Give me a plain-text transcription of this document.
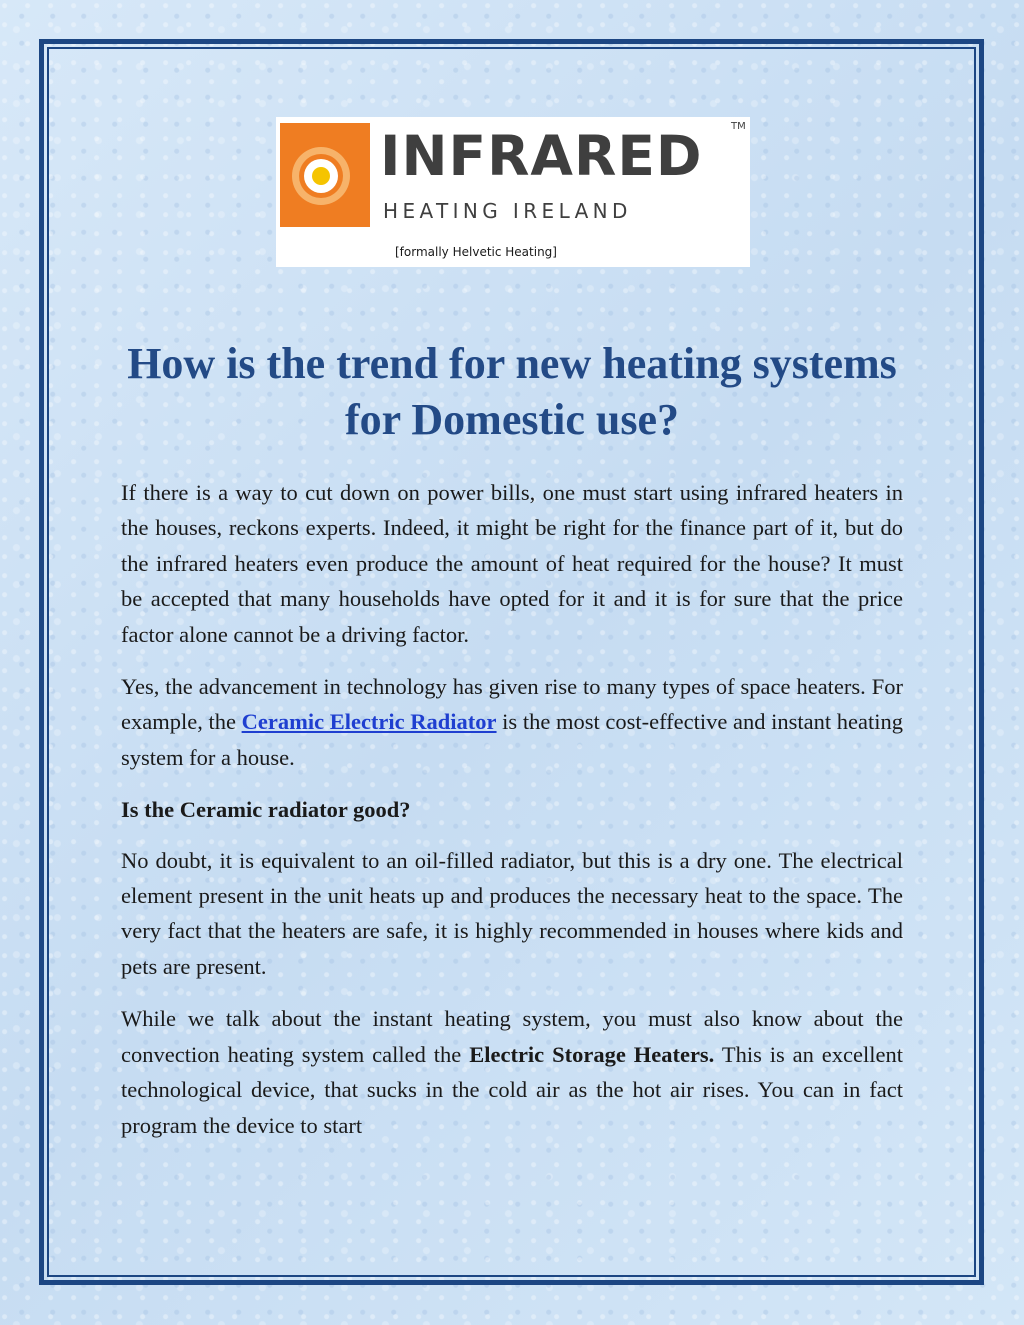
INFRARED	TM
HEATING IRELAND
[formally Helvetic Heating]
How is the trend for new heating systems for Domestic use?

If there is a way to cut down on power bills, one must start using infrared heaters in the houses, reckons experts. Indeed, it might be right for the finance part of it, but do the infrared heaters even produce the amount of heat required for the house? It must be accepted that many households have opted for it and it is for sure that the price factor alone cannot be a driving factor.

Yes, the advancement in technology has given rise to many types of space heaters. For example, the Ceramic Electric Radiator is the most cost-effective and instant heating system for a house.

Is the Ceramic radiator good?

No doubt, it is equivalent to an oil-filled radiator, but this is a dry one. The electrical element present in the unit heats up and produces the necessary heat to the space. The very fact that the heaters are safe, it is highly recommended in houses where kids and pets are present.

While we talk about the instant heating system, you must also know about the convection heating system called the Electric Storage Heaters. This is an excellent technological device, that sucks in the cold air as the hot air rises. You can in fact program the device to start
